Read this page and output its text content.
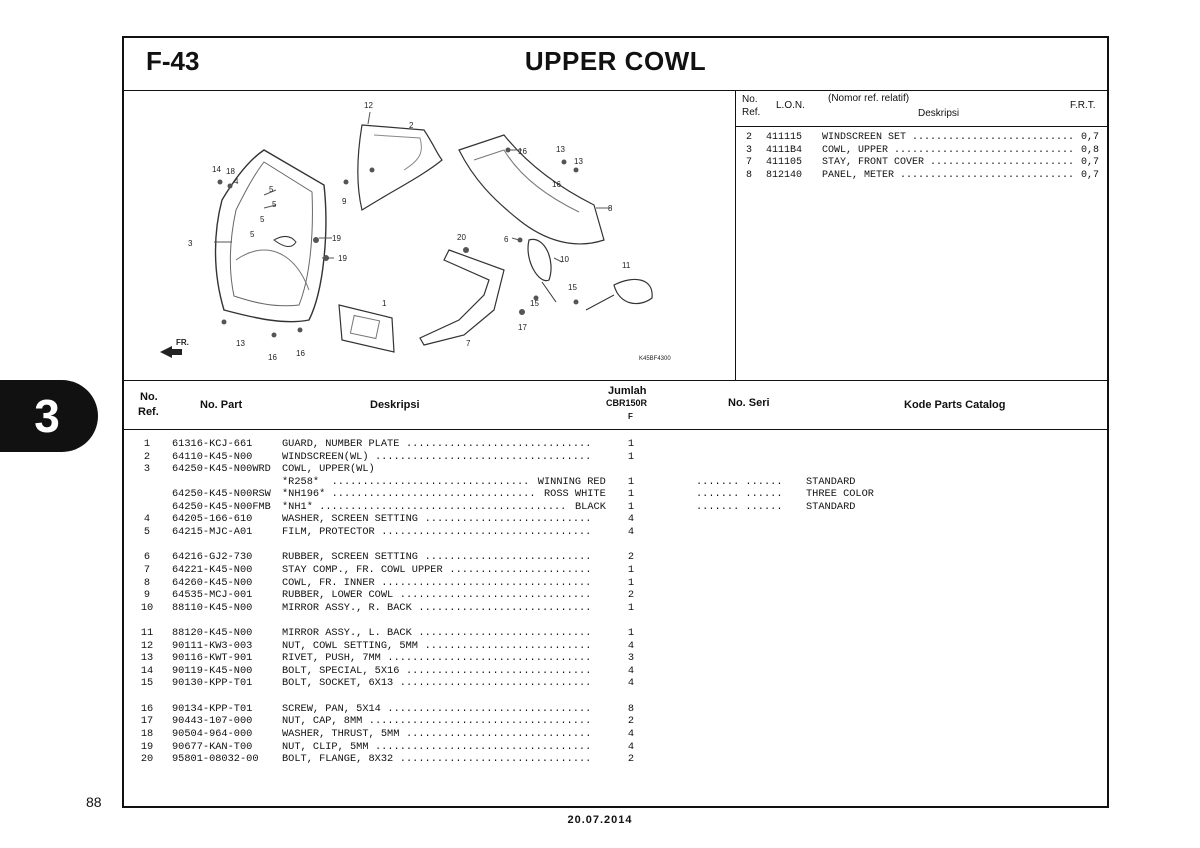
3
F-43	UPPER COWL
12
2
14 18
4
9
16	13
13
16
8
5
5
5
5
3
19
19
20	6
10
11
1
15
15
17
7
13
16 16
FR.
K45BF4300
No.
Ref.
L.O.N.
(Nomor ref. relatif)
Deskripsi
F.R.T.
2 411115 WINDSCREEN SET	0,7
...........................
3 4111B4 COWL, UPPER	0,8
..............................
7 411105 STAY, FRONT COVER	0,7
........................
8 812140 PANEL, METER	0,7
.............................
No.
Ref.
No. Part	Deskripsi
Jumlah
CBR150R
F
No. Seri	Kode Parts Catalog
1	61316-KCJ-661	GUARD, NUMBER PLATE ..............................	1
2	64110-K45-N00	WINDSCREEN(WL) ...................................	1
3	64250-K45-N00WRD COWL, UPPER(WL)
*R258* ................................ WINNING RED	1	....... ...... STANDARD
64250-K45-N00RSW *NH196* ................................. ROSS WHITE	1	....... ...... THREE COLOR
64250-K45-N00FMB *NH1* ........................................ BLACK	1	....... ...... STANDARD
4	64205-166-610	WASHER, SCREEN SETTING ...........................	4
5	64215-MJC-A01	FILM, PROTECTOR ..................................	4
6	64216-GJ2-730	RUBBER, SCREEN SETTING ...........................	2
7	64221-K45-N00	STAY COMP., FR. COWL UPPER .......................	1
8	64260-K45-N00	COWL, FR. INNER ..................................	1
9	64535-MCJ-001	RUBBER, LOWER COWL ...............................	2
10 88110-K45-N00	MIRROR ASSY., R. BACK ............................	1
11 88120-K45-N00	MIRROR ASSY., L. BACK ............................	1
12 90111-KW3-003	NUT, COWL SETTING, 5MM ...........................	4
13 90116-KWT-901	RIVET, PUSH, 7MM .................................	3
14 90119-K45-N00	BOLT, SPECIAL, 5X16 ..............................	4
15 90130-KPP-T01	BOLT, SOCKET, 6X13 ...............................	4
16 90134-KPP-T01	SCREW, PAN, 5X14 .................................	8
17 90443-107-000	NUT, CAP, 8MM ....................................	2
18 90504-964-000	WASHER, THRUST, 5MM ..............................	4
19 90677-KAN-T00	NUT, CLIP, 5MM ...................................	4
20 95801-08032-00 BOLT, FLANGE, 8X32 ...............................	2
88
20.07.2014
